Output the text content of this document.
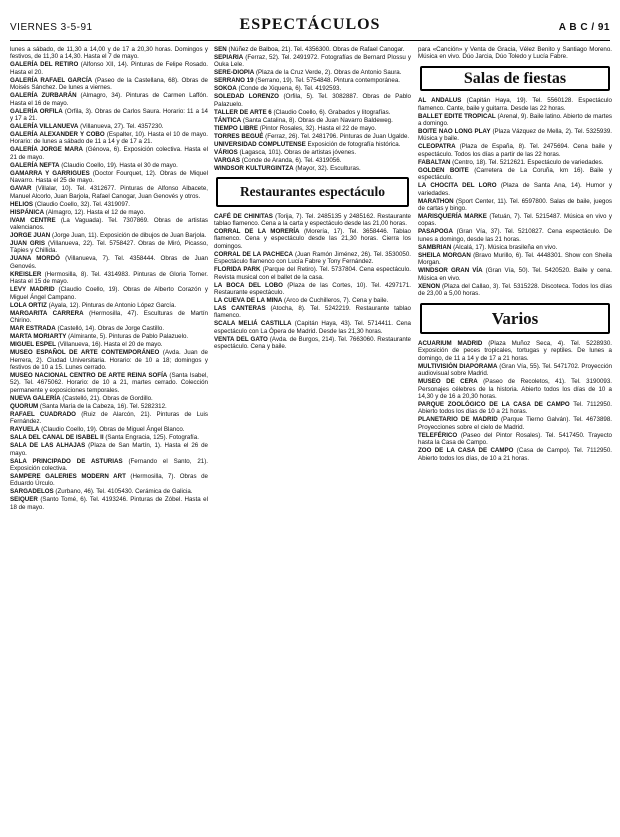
VIERNES 3-5-91	ESPECTÁCULOS	A B C / 91

lunes a sábado, de 11,30 a 14,00 y de 17 a 20,30 horas. Domingos y festivos, de 11,30 a 14,30. Hasta el 7 de mayo.

GALERÍA DEL RETIRO (Alfonso XII, 14). Pinturas de Felipe Rosado. Hasta el 20.

GALERÍA RAFAEL GARCÍA (Paseo de la Castellana, 68). Obras de Moisés Sánchez. De lunes a viernes.

GALERÍA ZURBARÁN (Almagro, 34). Pinturas de Carmen Laffón. Hasta el 16 de mayo.

GALERÍA ORFILA (Orfila, 3). Obras de Carlos Saura. Horario: 11 a 14 y 17 a 21.

GALERÍA VILLANUEVA (Villanueva, 27). Tel. 4357230.

GALERÍA ALEXANDER Y COBO (Espalter, 10). Hasta el 10 de mayo. Horario: de lunes a sábado de 11 a 14 y de 17 a 21.

GALERÍA JORGE MARA (Génova, 6). Exposición colectiva. Hasta el 21 de mayo.

GALERÍA NEFTA (Claudio Coello, 19). Hasta el 30 de mayo.

GAMARRA Y GARRIGUES (Doctor Fourquet, 12). Obras de Miquel Navarro. Hasta el 25 de mayo.

GAVAR (Villalar, 10). Tel. 4312677. Pinturas de Alfonso Albacete, Manuel Alcorlo, Juan Barjola, Rafael Canogar, Juan Genovés y otros.

HELIOS (Claudio Coello, 32). Tel. 4319097.

HISPÁNICA (Almagro, 12). Hasta el 12 de mayo.

IVAM CENTRE (La Vaguada). Tel. 7307869. Obras de artistas valencianos.

JORGE JUAN (Jorge Juan, 11). Exposición de dibujos de Juan Barjola.

JUAN GRIS (Villanueva, 22). Tel. 5758427. Obras de Miró, Picasso, Tàpies y Chillida.

JUANA MORDÓ (Villanueva, 7). Tel. 4358444. Obras de Juan Genovés.

KREISLER (Hermosilla, 8). Tel. 4314983. Pinturas de Gloria Torner. Hasta el 15 de mayo.

LEVY MADRID (Claudio Coello, 19). Obras de Alberto Corazón y Miguel Ángel Campano.

LOLA ORTIZ (Ayala, 12). Pinturas de Antonio López García.

MARGARITA CARRERA (Hermosilla, 47). Esculturas de Martín Chirino.

MAR ESTRADA (Castelló, 14). Obras de Jorge Castillo.

MARTA MORIARTY (Almirante, 5). Pinturas de Pablo Palazuelo.

MIGUEL ESPEL (Villanueva, 16). Hasta el 20 de mayo.

MUSEO ESPAÑOL DE ARTE CONTEMPORÁNEO (Avda. Juan de Herrera, 2). Ciudad Universitaria. Horario: de 10 a 18; domingos y festivos de 10 a 15. Lunes cerrado.

MUSEO NACIONAL CENTRO DE ARTE REINA SOFÍA (Santa Isabel, 52). Tel. 4675062. Horario: de 10 a 21, martes cerrado. Colección permanente y exposiciones temporales.

NUEVA GALERÍA (Castelló, 21). Obras de Gordillo.

QUORUM (Santa María de la Cabeza, 16). Tel. 5282312.

RAFAEL CUADRADO (Ruiz de Alarcón, 21). Pinturas de Luis Fernández.

RAYUELA (Claudio Coello, 19). Obras de Miguel Ángel Blanco.

SALA DEL CANAL DE ISABEL II (Santa Engracia, 125). Fotografía.

SALA DE LAS ALHAJAS (Plaza de San Martín, 1). Hasta el 26 de mayo.

SALA PRINCIPADO DE ASTURIAS (Fernando el Santo, 21). Exposición colectiva.

SAMPERE GALERIES MODERN ART (Hermosilla, 7). Obras de Eduardo Úrculo.

SARGADELOS (Zurbano, 46). Tel. 4105430. Cerámica de Galicia.

SEIQUER (Santo Tomé, 6). Tel. 4193246. Pinturas de Zóbel. Hasta el 18 de mayo.

SEN (Núñez de Balboa, 21). Tel. 4356300. Obras de Rafael Canogar.

SEPIARIA (Ferraz, 52). Tel. 2491972. Fotografías de Bernard Plossu y Ouka Lele.

SERE-DIOPIA (Plaza de la Cruz Verde, 2). Obras de Antonio Saura.

SERRANO 19 (Serrano, 19). Tel. 5754848. Pintura contemporánea.

SOKOA (Conde de Xiquena, 6). Tel. 4192593.

SOLEDAD LORENZO (Orfila, 5). Tel. 3082887. Obras de Pablo Palazuelo.

TALLER DE ARTE 6 (Claudio Coello, 6). Grabados y litografías.

TÁNTICA (Santa Catalina, 8). Obras de Juan Navarro Baldeweg.

TIEMPO LIBRE (Pintor Rosales, 32). Hasta el 22 de mayo.

TORRES BEGUÉ (Ferraz, 26). Tel. 2481796. Pinturas de Juan Ugalde.

UNIVERSIDAD COMPLUTENSE Exposición de fotografía histórica.

VÁRIOS (Lagasca, 101). Obras de artistas jóvenes.

VARGAS (Conde de Aranda, 6). Tel. 4319056.

WINDSOR KULTURGINTZA (Mayor, 32). Esculturas.

Restaurantes espectáculo

CAFÉ DE CHINITAS (Torija, 7). Tel. 2485135 y 2485162. Restaurante tablao flamenco. Cena a la carta y espectáculo desde las 21,00 horas.

CORRAL DE LA MORERÍA (Morería, 17). Tel. 3658446. Tablao flamenco. Cena y espectáculo desde las 21,30 horas. Cierra los domingos.

CORRAL DE LA PACHECA (Juan Ramón Jiménez, 26). Tel. 3530050. Espectáculo flamenco con Lucía Fabre y Tony Fernández.

FLORIDA PARK (Parque del Retiro). Tel. 5737804. Cena espectáculo. Revista musical con el ballet de la casa.

LA BOCA DEL LOBO (Plaza de las Cortes, 10). Tel. 4297171. Restaurante espectáculo.

LA CUEVA DE LA MINA (Arco de Cuchilleros, 7). Cena y baile.

LAS CANTERAS (Atocha, 8). Tel. 5242219. Restaurante tablao flamenco.

SCALA MELIÁ CASTILLA (Capitán Haya, 43). Tel. 5714411. Cena espectáculo con La Ópera de Madrid. Desde las 21,30 horas.

VENTA DEL GATO (Avda. de Burgos, 214). Tel. 7663060. Restaurante espectáculo. Cena y baile.

para «Canción» y Venta de Gracia, Vélez Benito y Santiago Moreno. Música en vivo. Dúo Jarcia, Dúo Toledo y Lucía Fabre.

Salas de fiestas

AL ANDALUS (Capitán Haya, 19). Tel. 5560128. Espectáculo flamenco. Cante, baile y guitarra. Desde las 22 horas.

BALLET EDITE TROPICAL (Arenal, 9). Baile latino. Abierto de martes a domingo.

BOITE NAO LONG PLAY (Plaza Vázquez de Mella, 2). Tel. 5325939. Música y baile.

CLEOPATRA (Plaza de España, 8). Tel. 2475694. Cena baile y espectáculo. Todos los días a partir de las 22 horas.

FABALTAN (Centro, 18). Tel. 5212621. Espectáculo de variedades.

GOLDEN BOITE (Carretera de La Coruña, km 16). Baile y espectáculo.

LA CHOCITA DEL LORO (Plaza de Santa Ana, 14). Humor y variedades.

MARATHON (Sport Center, 11). Tel. 6597800. Salas de baile, juegos de cartas y bingo.

MARISQUERÍA MARKE (Tetuán, 7). Tel. 5215487. Música en vivo y copas.

PASAPOGA (Gran Vía, 37). Tel. 5210827. Cena espectáculo. De lunes a domingo, desde las 21 horas.

SAMBRIAN (Alcalá, 17). Música brasileña en vivo.

SHEILA MORGAN (Bravo Murillo, 6). Tel. 4448301. Show con Sheila Morgan.

WINDSOR GRAN VÍA (Gran Vía, 50). Tel. 5420520. Baile y cena. Música en vivo.

XENON (Plaza del Callao, 3). Tel. 5315228. Discoteca. Todos los días de 23,00 a 5,00 horas.

Varios

ACUARIUM MADRID (Plaza Muñoz Seca, 4). Tel. 5228930. Exposición de peces tropicales, tortugas y reptiles. De lunes a domingo, de 11 a 14 y de 17 a 21 horas.

MULTIVISIÓN DIAPORAMA (Gran Vía, 55). Tel. 5471702. Proyección audiovisual sobre Madrid.

MUSEO DE CERA (Paseo de Recoletos, 41). Tel. 3190093. Personajes célebres de la historia. Abierto todos los días de 10 a 14,30 y de 16 a 20,30 horas.

PARQUE ZOOLÓGICO DE LA CASA DE CAMPO Tel. 7112950. Abierto todos los días de 10 a 21 horas.

PLANETARIO DE MADRID (Parque Tierno Galván). Tel. 4673898. Proyecciones sobre el cielo de Madrid.

TELEFÉRICO (Paseo del Pintor Rosales). Tel. 5417450. Trayecto hasta la Casa de Campo.

ZOO DE LA CASA DE CAMPO (Casa de Campo). Tel. 7112950. Abierto todos los días, de 10 a 21 horas.
